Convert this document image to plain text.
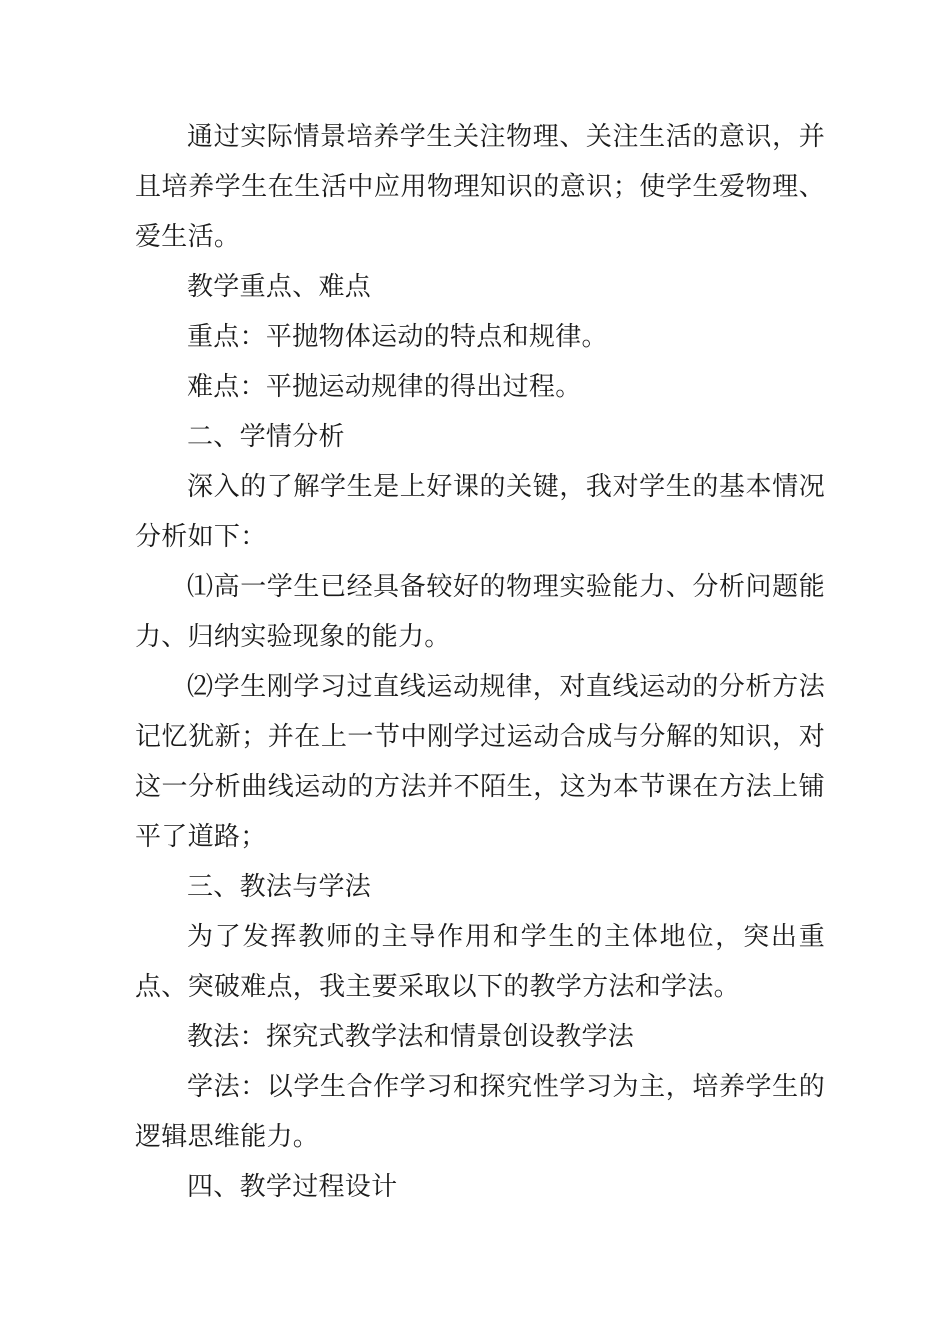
通过实际情景培养学生关注物理、关注生活的意识，并且培养学生在生活中应用物理知识的意识；使学生爱物理、爱生活。

教学重点、难点

重点：平抛物体运动的特点和规律。

难点：平抛运动规律的得出过程。

二、学情分析

深入的了解学生是上好课的关键，我对学生的基本情况分析如下：

⑴高一学生已经具备较好的物理实验能力、分析问题能力、归纳实验现象的能力。

⑵学生刚学习过直线运动规律，对直线运动的分析方法记忆犹新；并在上一节中刚学过运动合成与分解的知识，对这一分析曲线运动的方法并不陌生，这为本节课在方法上铺平了道路；

三、教法与学法

为了发挥教师的主导作用和学生的主体地位，突出重点、突破难点，我主要采取以下的教学方法和学法。

教法：探究式教学法和情景创设教学法

学法：以学生合作学习和探究性学习为主，培养学生的逻辑思维能力。

四、教学过程设计
